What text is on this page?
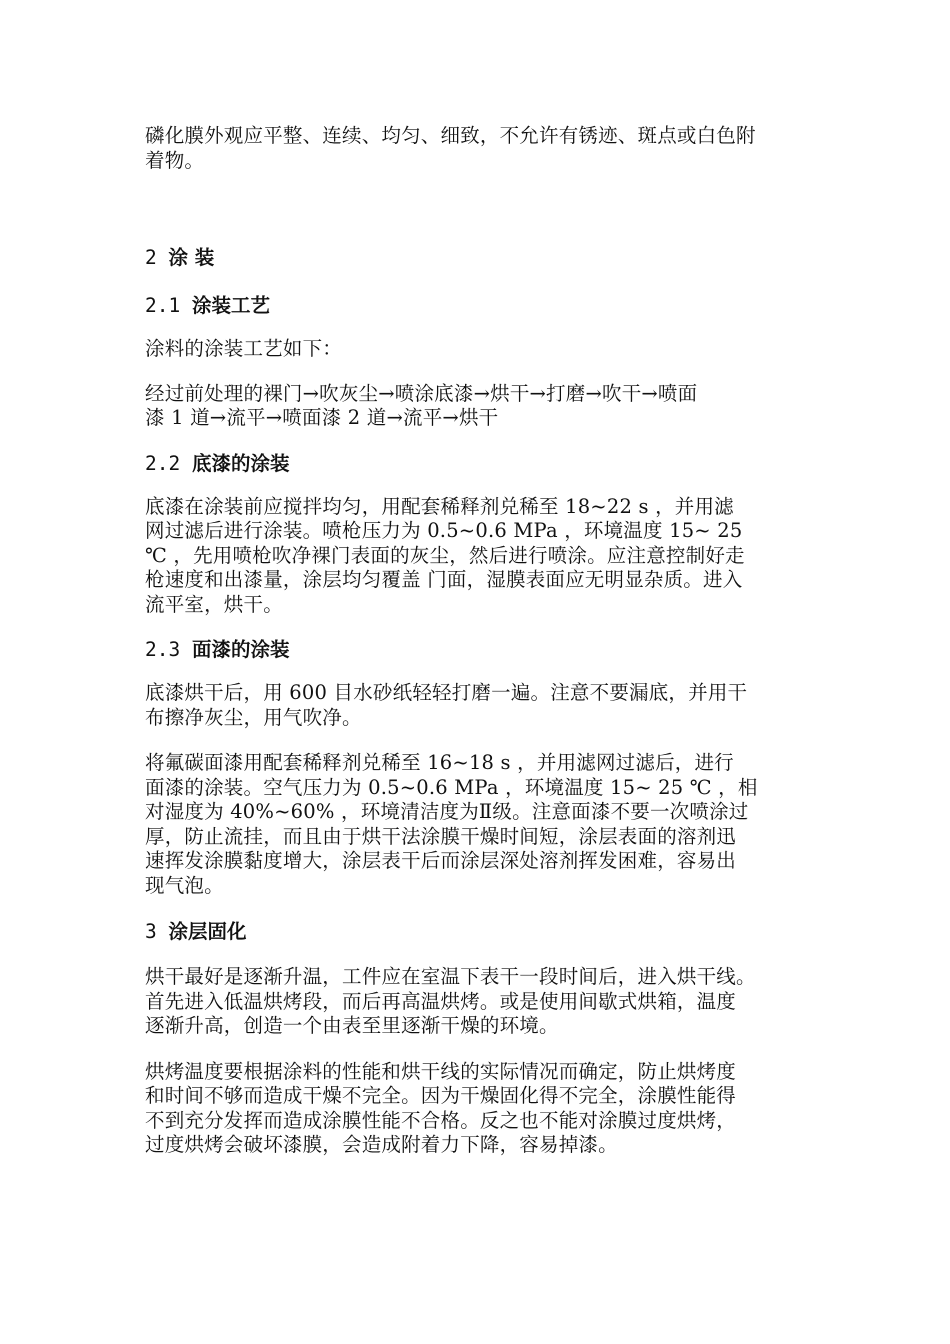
磷化膜外观应平整、连续、均匀、细致，不允许有锈迹、斑点或白色附
着物。

2 涂 装
2.1 涂装工艺

涂料的涂装工艺如下：

经过前处理的裸门→吹灰尘→喷涂底漆→烘干→打磨→吹干→喷面
漆 1 道→流平→喷面漆 2 道→流平→烘干

2.2 底漆的涂装

底漆在涂装前应搅拌均匀，用配套稀释剂兑稀至 18~22 s ，并用滤
网过滤后进行涂装。喷枪压力为 0.5~0.6 MPa ，环境温度 15~ 25
℃ ，先用喷枪吹净裸门表面的灰尘，然后进行喷涂。应注意控制好走
枪速度和出漆量，涂层均匀覆盖 门面，湿膜表面应无明显杂质。进入
流平室，烘干。

2.3 面漆的涂装

底漆烘干后，用 600 目水砂纸轻轻打磨一遍。注意不要漏底，并用干
布擦净灰尘，用气吹净。

将氟碳面漆用配套稀释剂兑稀至 16~18 s ，并用滤网过滤后，进行
面漆的涂装。空气压力为 0.5~0.6 MPa ，环境温度 15~ 25 ℃ ，相
对湿度为 40%~60% ，环境清洁度为Ⅱ级。注意面漆不要一次喷涂过
厚，防止流挂，而且由于烘干法涂膜干燥时间短，涂层表面的溶剂迅
速挥发涂膜黏度增大，涂层表干后而涂层深处溶剂挥发困难，容易出
现气泡。

3 涂层固化

烘干最好是逐渐升温，工件应在室温下表干一段时间后，进入烘干线。
首先进入低温烘烤段，而后再高温烘烤。或是使用间歇式烘箱，温度
逐渐升高，创造一个由表至里逐渐干燥的环境。

烘烤温度要根据涂料的性能和烘干线的实际情况而确定，防止烘烤度
和时间不够而造成干燥不完全。因为干燥固化得不完全，涂膜性能得
不到充分发挥而造成涂膜性能不合格。反之也不能对涂膜过度烘烤，
过度烘烤会破坏漆膜，会造成附着力下降，容易掉漆。
